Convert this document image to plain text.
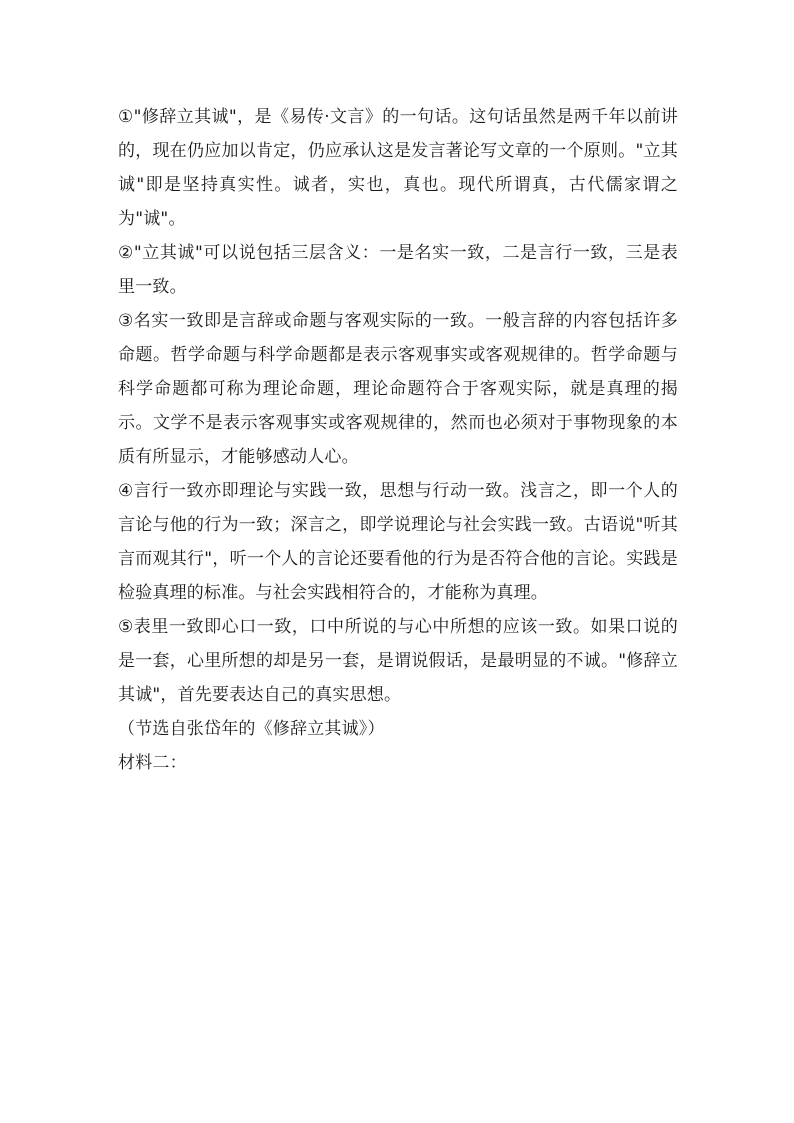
①"修辞立其诚"，是《易传·文言》的一句话。这句话虽然是两千年以前讲的，现在仍应加以肯定，仍应承认这是发言著论写文章的一个原则。"立其诚"即是坚持真实性。诚者，实也，真也。现代所谓真，古代儒家谓之为"诚"。

②"立其诚"可以说包括三层含义：一是名实一致，二是言行一致，三是表里一致。

③名实一致即是言辞或命题与客观实际的一致。一般言辞的内容包括许多命题。哲学命题与科学命题都是表示客观事实或客观规律的。哲学命题与科学命题都可称为理论命题，理论命题符合于客观实际，就是真理的揭示。文学不是表示客观事实或客观规律的，然而也必须对于事物现象的本质有所显示，才能够感动人心。

④言行一致亦即理论与实践一致，思想与行动一致。浅言之，即一个人的言论与他的行为一致；深言之，即学说理论与社会实践一致。古语说"听其言而观其行"，听一个人的言论还要看他的行为是否符合他的言论。实践是检验真理的标准。与社会实践相符合的，才能称为真理。

⑤表里一致即心口一致，口中所说的与心中所想的应该一致。如果口说的是一套，心里所想的却是另一套，是谓说假话，是最明显的不诚。"修辞立其诚"，首先要表达自己的真实思想。

（节选自张岱年的《修辞立其诚》）

材料二：
